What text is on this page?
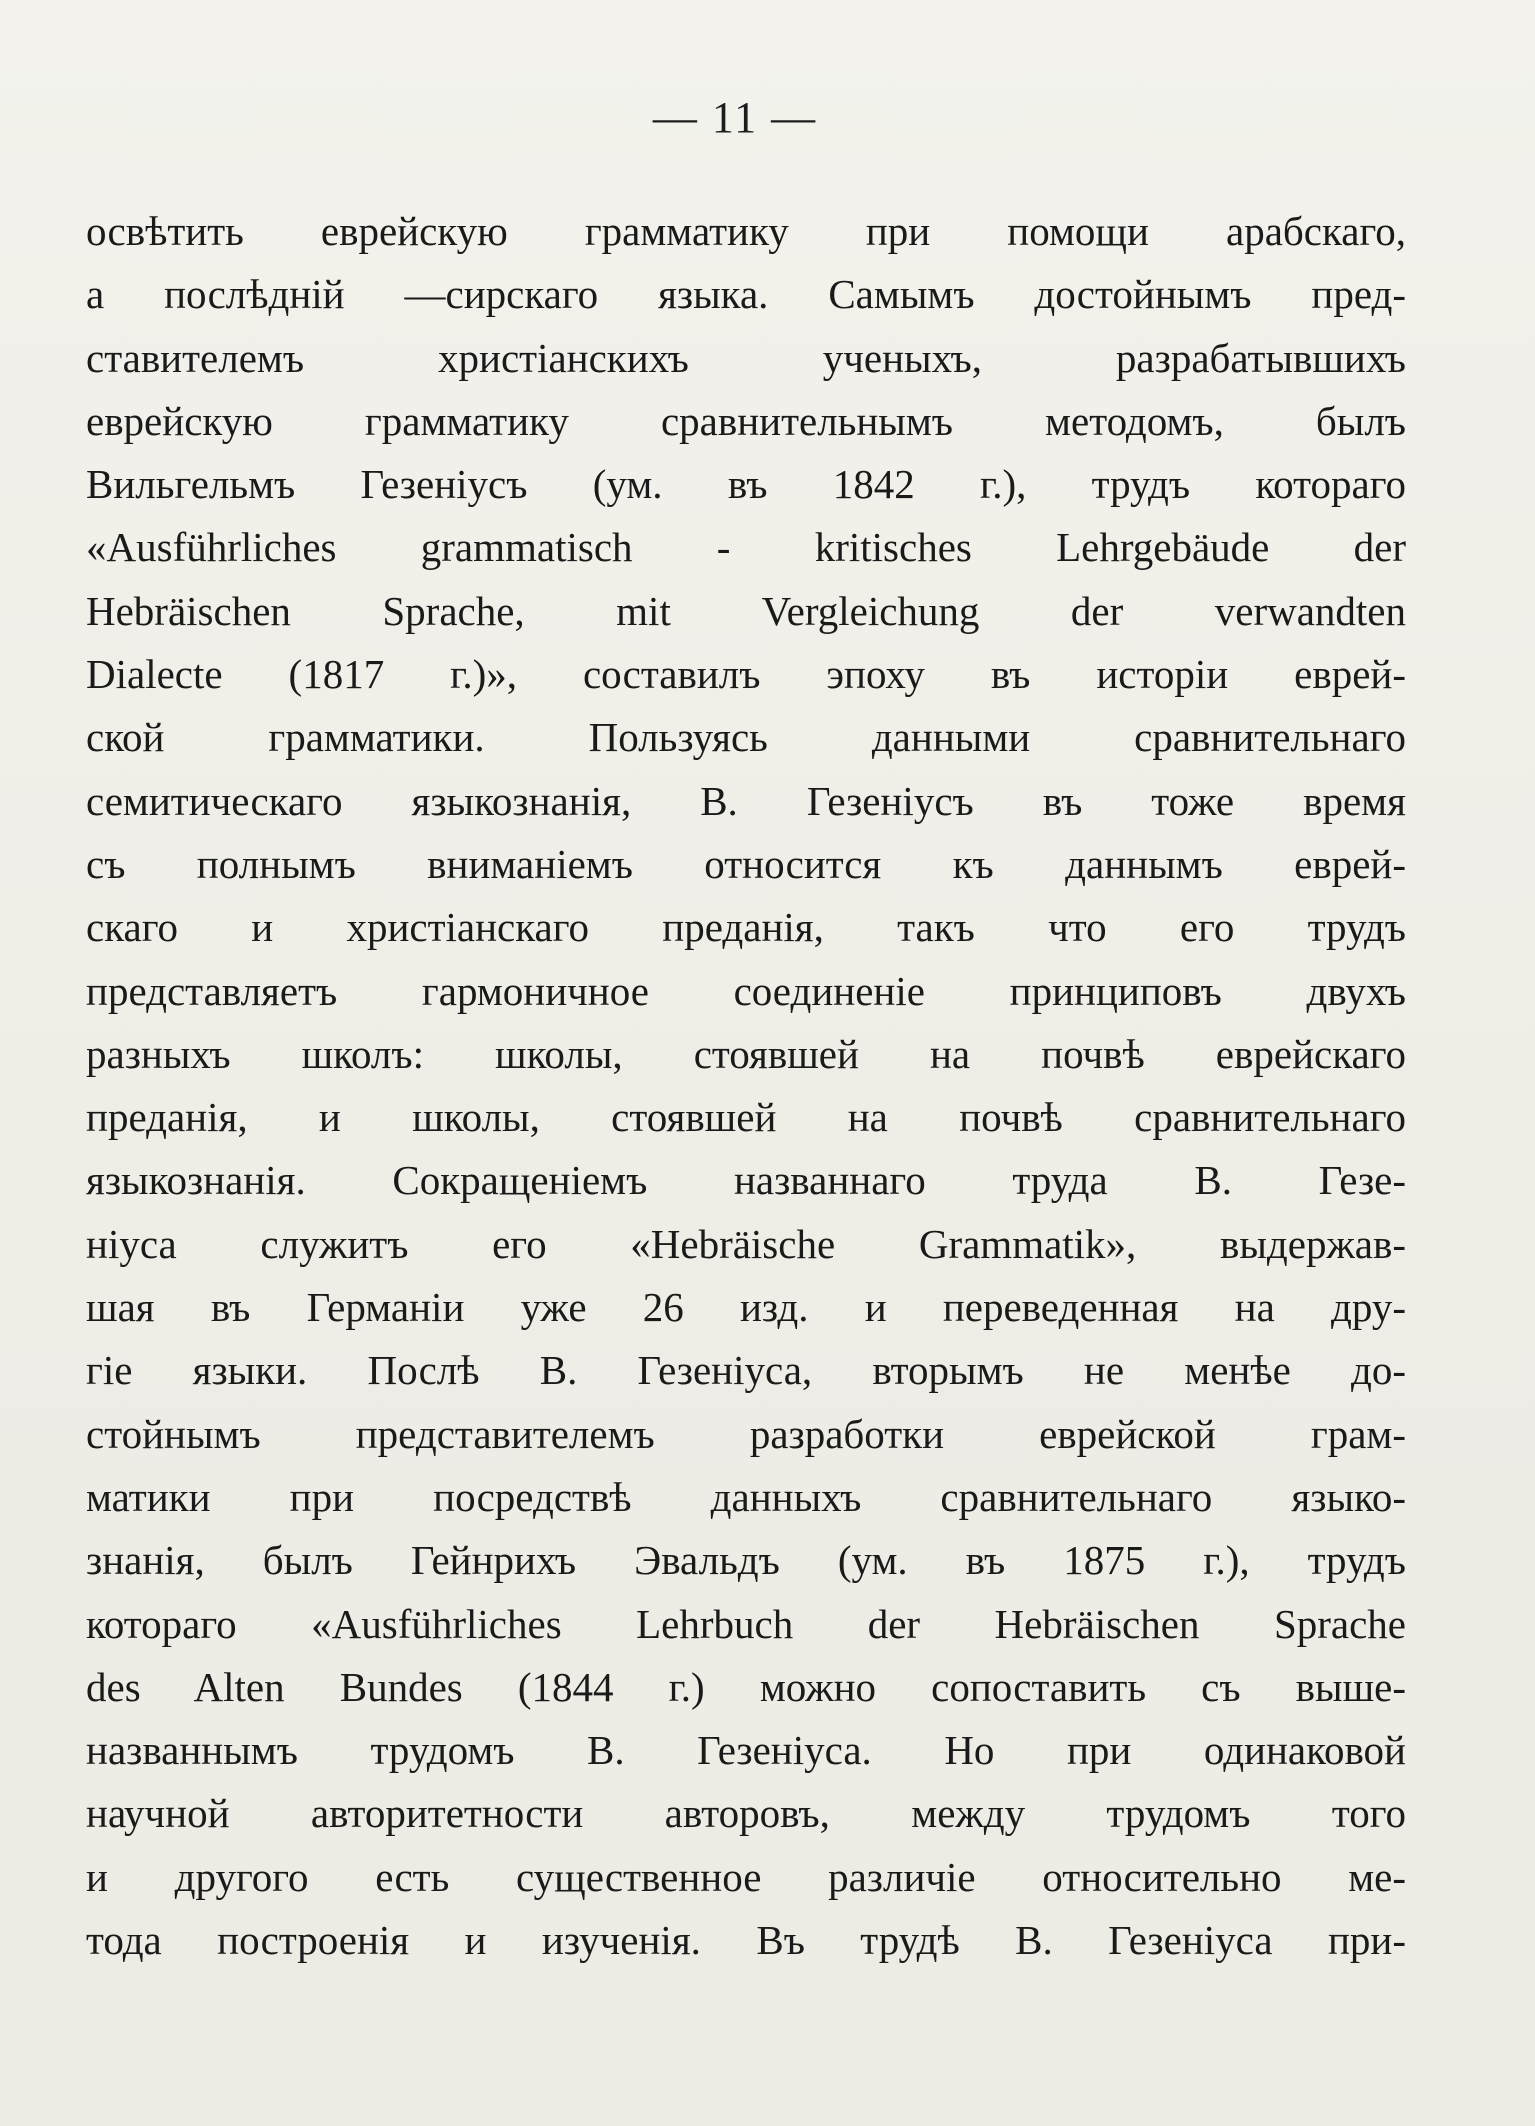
— 11 —
освѣтить еврейскую грамматику при помощи арабскаго,
а послѣдній —сирскаго языка. Самымъ достойнымъ пред-
ставителемъ христіанскихъ ученыхъ, разрабатывшихъ
еврейскую грамматику сравнительнымъ методомъ, былъ
Вильгельмъ Гезеніусъ (ум. въ 1842 г.), трудъ котораго
«Ausführliches grammatisch - kritisches Lehrgebäude der
Hebräischen Sprache, mit Vergleichung der verwandten
Dialecte (1817 г.)», составилъ эпоху въ исторіи еврей-
ской грамматики. Пользуясь данными сравнительнаго
семитическаго языкознанія, В. Гезеніусъ въ тоже время
съ полнымъ вниманіемъ относится къ даннымъ еврей-
скаго и христіанскаго преданія, такъ что его трудъ
представляетъ гармоничное соединеніе принциповъ двухъ
разныхъ школъ: школы, стоявшей на почвѣ еврейскаго
преданія, и школы, стоявшей на почвѣ сравнительнаго
языкознанія. Сокращеніемъ названнаго труда В. Гезе-
ніуса служитъ его «Hebräische Grammatik», выдержав-
шая въ Германіи уже 26 изд. и переведенная на дру-
гіе языки. Послѣ В. Гезеніуса, вторымъ не менѣе до-
стойнымъ представителемъ разработки еврейской грам-
матики при посредствѣ данныхъ сравнительнаго языко-
знанія, былъ Гейнрихъ Эвальдъ (ум. въ 1875 г.), трудъ
котораго «Ausführliches Lehrbuch der Hebräischen Sprache
des Alten Bundes (1844 г.) можно сопоставить съ выше-
названнымъ трудомъ В. Гезеніуса. Но при одинаковой
научной авторитетности авторовъ, между трудомъ того
и другого есть существенное различіе относительно ме-
тода построенія и изученія. Въ трудѣ В. Гезеніуса при-
